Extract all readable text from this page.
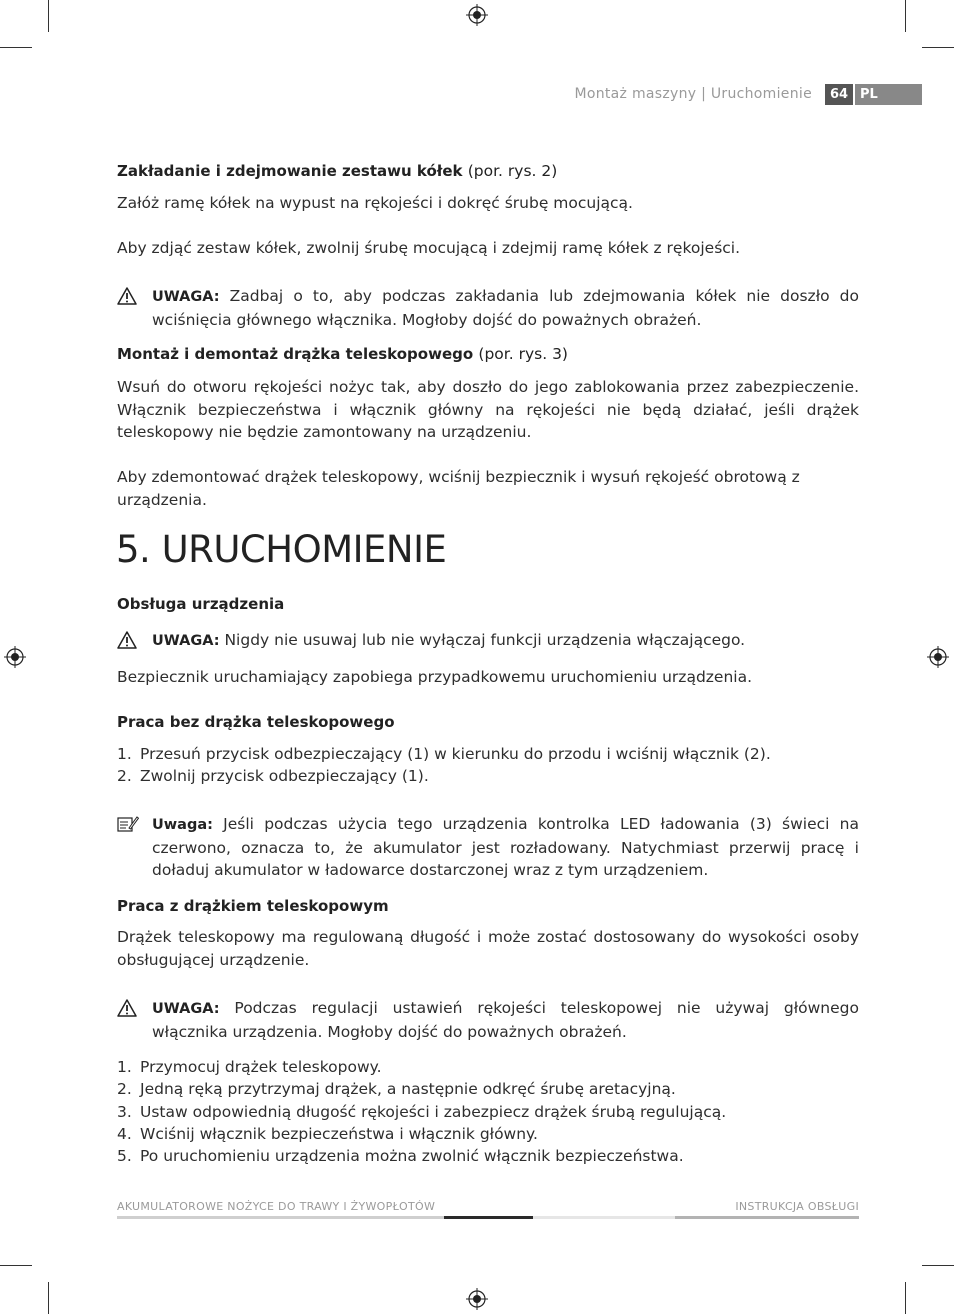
Montaż maszyny | Uruchomienie	64 PL
Zakładanie i zdejmowanie zestawu kółek (por. rys. 2)
Załóż ramę kółek na wypust na rękojeści i dokręć śrubę mocującą.
Aby zdjąć zestaw kółek, zwolnij śrubę mocującą i zdejmij ramę kółek z rękojeści.
UWAGA: Zadbaj o to, aby podczas zakładania lub zdejmowania kółek nie doszło do wciśnięcia głównego włącznika. Mogłoby dojść do poważnych obrażeń.
Montaż i demontaż drążka teleskopowego (por. rys. 3)
Wsuń do otworu rękojeści nożyc tak, aby doszło do jego zablokowania przez zabezpieczenie. Włącznik bezpieczeństwa i włącznik główny na rękojeści nie będą działać, jeśli drążek teleskopowy nie będzie zamontowany na urządzeniu.
Aby zdemontować drążek teleskopowy, wciśnij bezpiecznik i wysuń rękojeść obrotową z urządzenia.
5. URUCHOMIENIE
Obsługa urządzenia
UWAGA: Nigdy nie usuwaj lub nie wyłączaj funkcji urządzenia włączającego.
Bezpiecznik uruchamiający zapobiega przypadkowemu uruchomieniu urządzenia.
Praca bez drążka teleskopowego
1. Przesuń przycisk odbezpieczający (1) w kierunku do przodu i wciśnij włącznik (2).
2. Zwolnij przycisk odbezpieczający (1).
Uwaga: Jeśli podczas użycia tego urządzenia kontrolka LED ładowania (3) świeci na czerwono, oznacza to, że akumulator jest rozładowany. Natychmiast przerwij pracę i doładuj akumulator w ładowarce dostarczonej wraz z tym urządzeniem.
Praca z drążkiem teleskopowym
Drążek teleskopowy ma regulowaną długość i może zostać dostosowany do wysokości osoby obsługującej urządzenie.
UWAGA: Podczas regulacji ustawień rękojeści teleskopowej nie używaj głównego włącznika urządzenia. Mogłoby dojść do poważnych obrażeń.
1. Przymocuj drążek teleskopowy.
2. Jedną ręką przytrzymaj drążek, a następnie odkręć śrubę aretacyjną.
3. Ustaw odpowiednią długość rękojeści i zabezpiecz drążek śrubą regulującą.
4. Wciśnij włącznik bezpieczeństwa i włącznik główny.
5. Po uruchomieniu urządzenia można zwolnić włącznik bezpieczeństwa.
AKUMULATOROWE NOŻYCE DO TRAWY I ŻYWOPŁOTÓW	INSTRUKCJA OBSŁUGI
